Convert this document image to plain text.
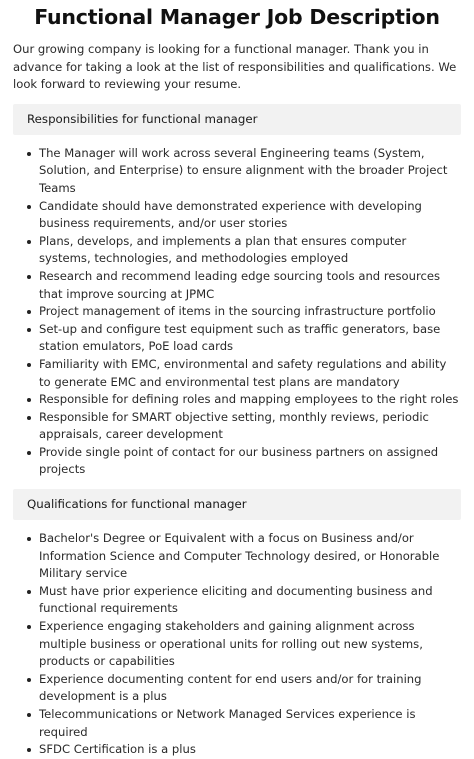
Functional Manager Job Description

Our growing company is looking for a functional manager. Thank you in advance for taking a look at the list of responsibilities and qualifications. We look forward to reviewing your resume.

Responsibilities for functional manager
The Manager will work across several Engineering teams (System, Solution, and Enterprise) to ensure alignment with the broader Project Teams
Candidate should have demonstrated experience with developing business requirements, and/or user stories
Plans, develops, and implements a plan that ensures computer systems, technologies, and methodologies employed
Research and recommend leading edge sourcing tools and resources that improve sourcing at JPMC
Project management of items in the sourcing infrastructure portfolio
Set-up and configure test equipment such as traffic generators, base station emulators, PoE load cards
Familiarity with EMC, environmental and safety regulations and ability to generate EMC and environmental test plans are mandatory
Responsible for defining roles and mapping employees to the right roles
Responsible for SMART objective setting, monthly reviews, periodic appraisals, career development
Provide single point of contact for our business partners on assigned projects
Qualifications for functional manager
Bachelor's Degree or Equivalent with a focus on Business and/or Information Science and Computer Technology desired, or Honorable Military service
Must have prior experience eliciting and documenting business and functional requirements
Experience engaging stakeholders and gaining alignment across multiple business or operational units for rolling out new systems, products or capabilities
Experience documenting content for end users and/or for training development is a plus
Telecommunications or Network Managed Services experience is required
SFDC Certification is a plus
